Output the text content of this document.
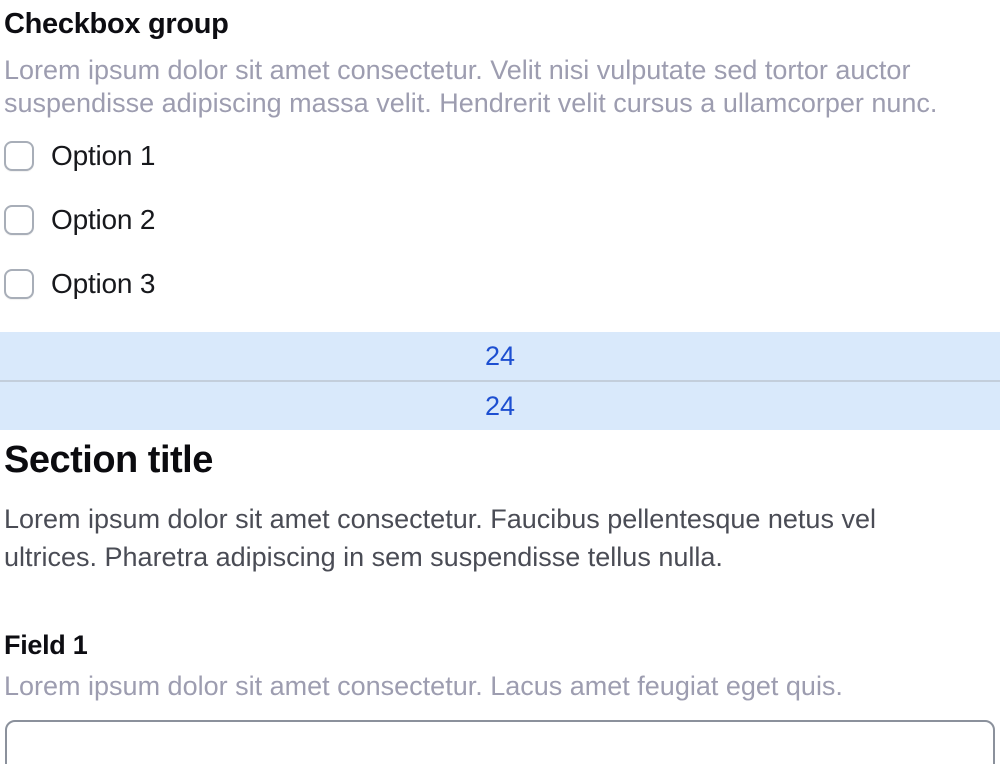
Checkbox group
Lorem ipsum dolor sit amet consectetur. Velit nisi vulputate sed tortor auctor suspendisse adipiscing massa velit. Hendrerit velit cursus a ullamcorper nunc.
Option 1
Option 2
Option 3
24
24
Section title
Lorem ipsum dolor sit amet consectetur. Faucibus pellentesque netus vel ultrices. Pharetra adipiscing in sem suspendisse tellus nulla.
Field 1
Lorem ipsum dolor sit amet consectetur. Lacus amet feugiat eget quis.
